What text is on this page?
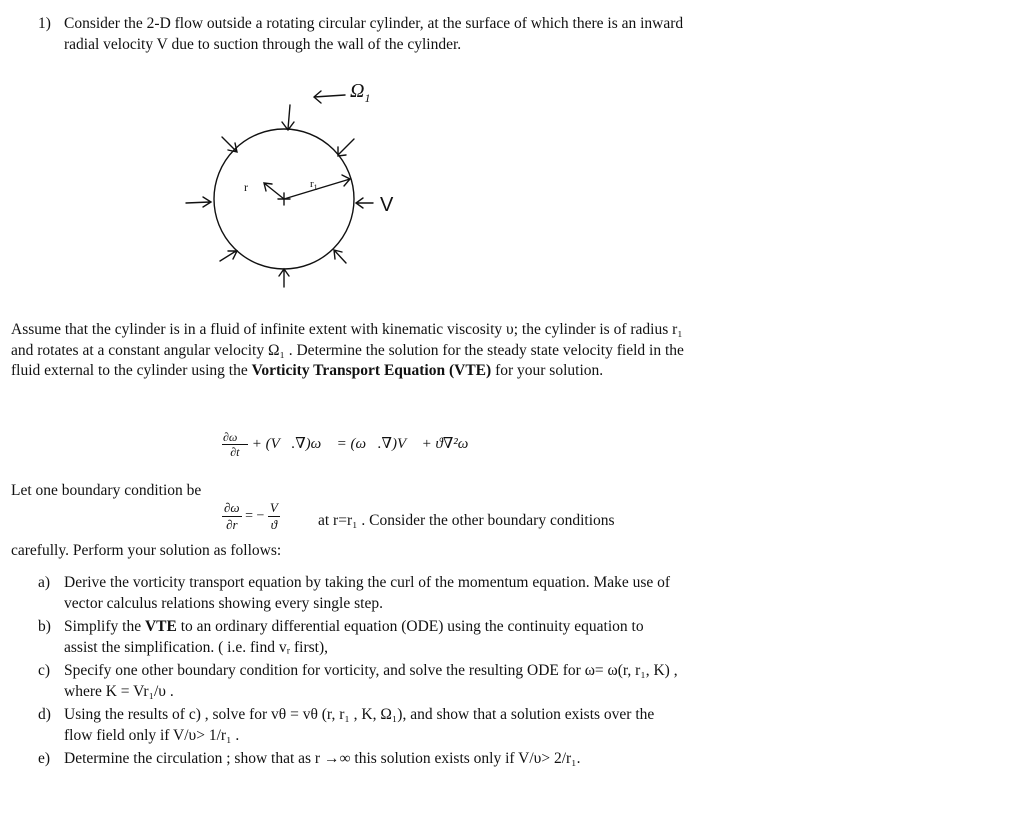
1) Consider the 2-D flow outside a rotating circular cylinder, at the surface of which there is an inward radial velocity V due to suction through the wall of the cylinder.
$\Omega_1$
r	$r_1$
V
Assume that the cylinder is in a fluid of infinite extent with kinematic viscosity υ; the cylinder is of radius r₁ and rotates at a constant angular velocity Ω₁ . Determine the solution for the steady state velocity field in the fluid external to the cylinder using the Vorticity Transport Equation (VTE) for your solution.
$\frac{\partial\omega⃗}{\partial t}$ + (V⃗.∇)ω⃗ = (ω⃗.∇)V⃗ + ϑ∇²ω⃗
Let one boundary condition be
$\frac{\partial\omega}{\partial r}$ = − $\frac{V}{ϑ}$ at r=r₁ . Consider the other boundary conditions
carefully. Perform your solution as follows:
a) Derive the vorticity transport equation by taking the curl of the momentum equation. Make use of vector calculus relations showing every single step.
b) Simplify the VTE to an ordinary differential equation (ODE) using the continuity equation to assist the simplification. ( i.e. find vᵣ first),
c) Specify one other boundary condition for vorticity, and solve the resulting ODE for ω= ω(r, r₁, K) , where K = Vr₁/υ .
d) Using the results of c) , solve for vθ = vθ (r, r₁ , K, Ω₁), and show that a solution exists over the flow field only if V/υ> 1/r₁ .
e) Determine the circulation ; show that as r →∞ this solution exists only if V/υ> 2/r₁.
